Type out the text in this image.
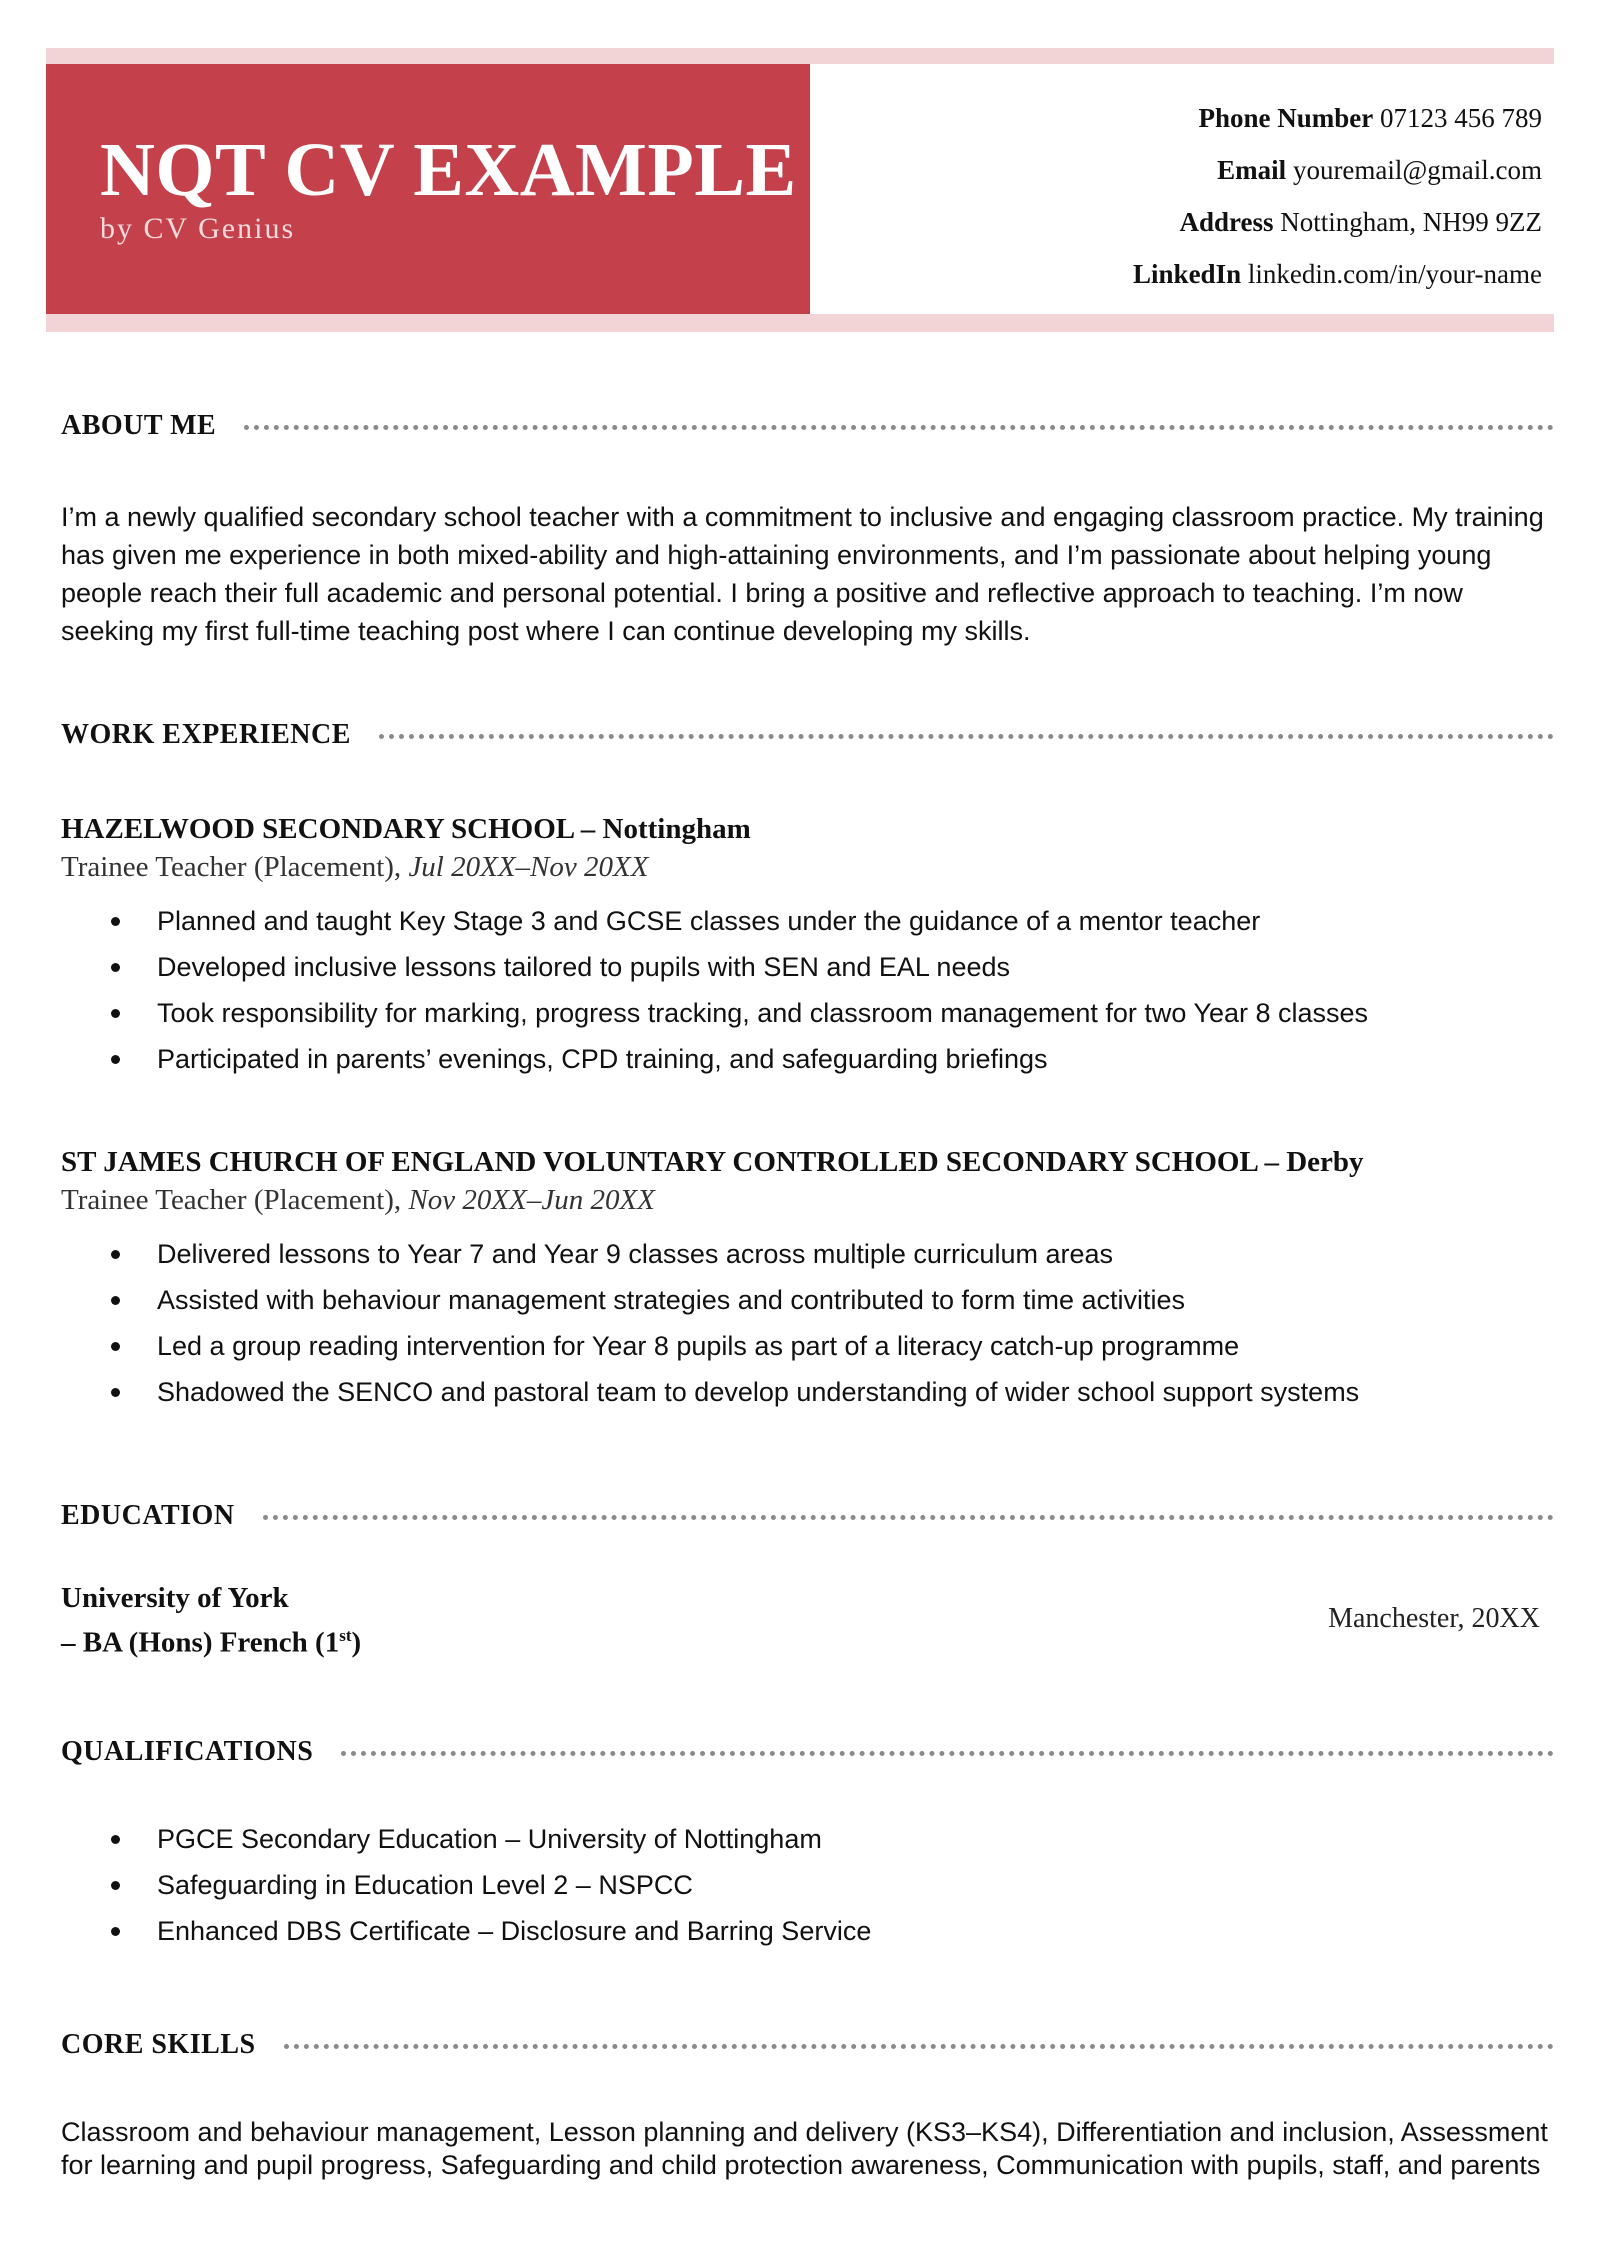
NQT CV EXAMPLE
by CV Genius
Phone Number 07123 456 789
Email youremail@gmail.com
Address Nottingham, NH99 9ZZ
LinkedIn linkedin.com/in/your-name
ABOUT ME
I’m a newly qualified secondary school teacher with a commitment to inclusive and engaging classroom practice. My training has given me experience in both mixed-ability and high-attaining environments, and I’m passionate about helping young people reach their full academic and personal potential. I bring a positive and reflective approach to teaching. I’m now seeking my first full-time teaching post where I can continue developing my skills.
WORK EXPERIENCE
HAZELWOOD SECONDARY SCHOOL – Nottingham
Trainee Teacher (Placement), Jul 20XX–Nov 20XX
Planned and taught Key Stage 3 and GCSE classes under the guidance of a mentor teacher
Developed inclusive lessons tailored to pupils with SEN and EAL needs
Took responsibility for marking, progress tracking, and classroom management for two Year 8 classes
Participated in parents’ evenings, CPD training, and safeguarding briefings
ST JAMES CHURCH OF ENGLAND VOLUNTARY CONTROLLED SECONDARY SCHOOL – Derby
Trainee Teacher (Placement), Nov 20XX–Jun 20XX
Delivered lessons to Year 7 and Year 9 classes across multiple curriculum areas
Assisted with behaviour management strategies and contributed to form time activities
Led a group reading intervention for Year 8 pupils as part of a literacy catch-up programme
Shadowed the SENCO and pastoral team to develop understanding of wider school support systems
EDUCATION
University of York
– BA (Hons) French (1st)
Manchester, 20XX
QUALIFICATIONS
PGCE Secondary Education – University of Nottingham
Safeguarding in Education Level 2 – NSPCC
Enhanced DBS Certificate – Disclosure and Barring Service
CORE SKILLS
Classroom and behaviour management, Lesson planning and delivery (KS3–KS4), Differentiation and inclusion, Assessment for learning and pupil progress, Safeguarding and child protection awareness, Communication with pupils, staff, and parents
